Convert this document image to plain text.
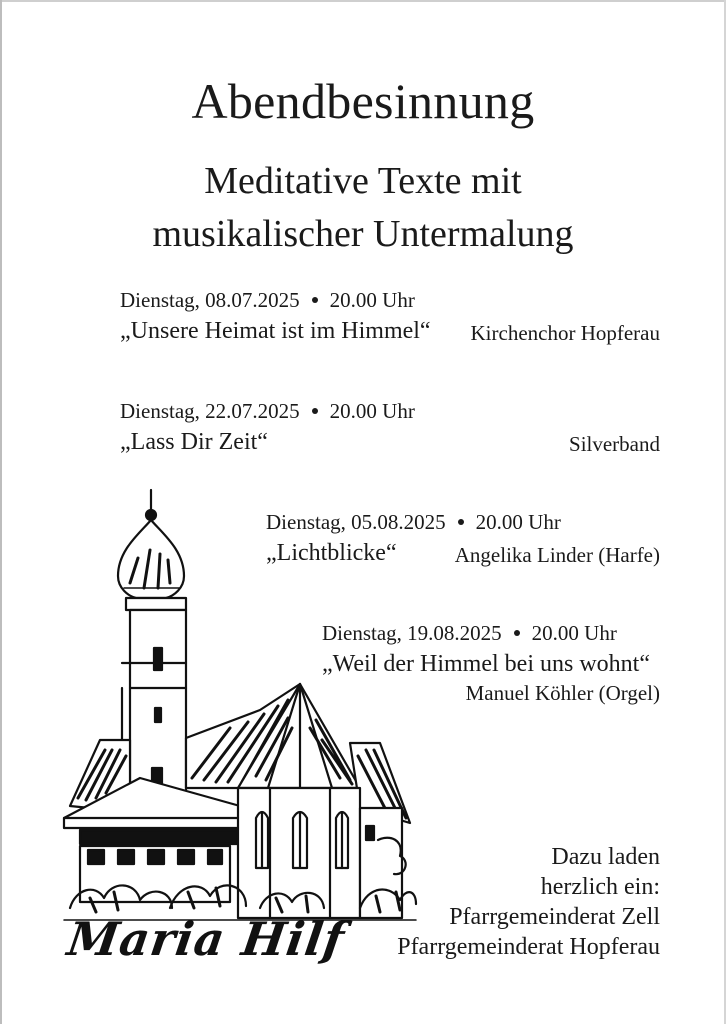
Abendbesinnung
Meditative Texte mit
musikalischer Untermalung
Dienstag, 08.07.2025 20.00 Uhr
„Unsere Heimat ist im Himmel“ Kirchenchor Hopferau
Dienstag, 22.07.2025 20.00 Uhr
„Lass Dir Zeit“	Silverband
Dienstag, 05.08.2025 20.00 Uhr
„Lichtblicke“	Angelika Linder (Harfe)
Dienstag, 19.08.2025 20.00 Uhr
„Weil der Himmel bei uns wohnt“
Manuel Köhler (Orgel)
Maria Hilf
Dazu laden
herzlich ein:
Pfarrgemeinderat Zell
Pfarrgemeinderat Hopferau
